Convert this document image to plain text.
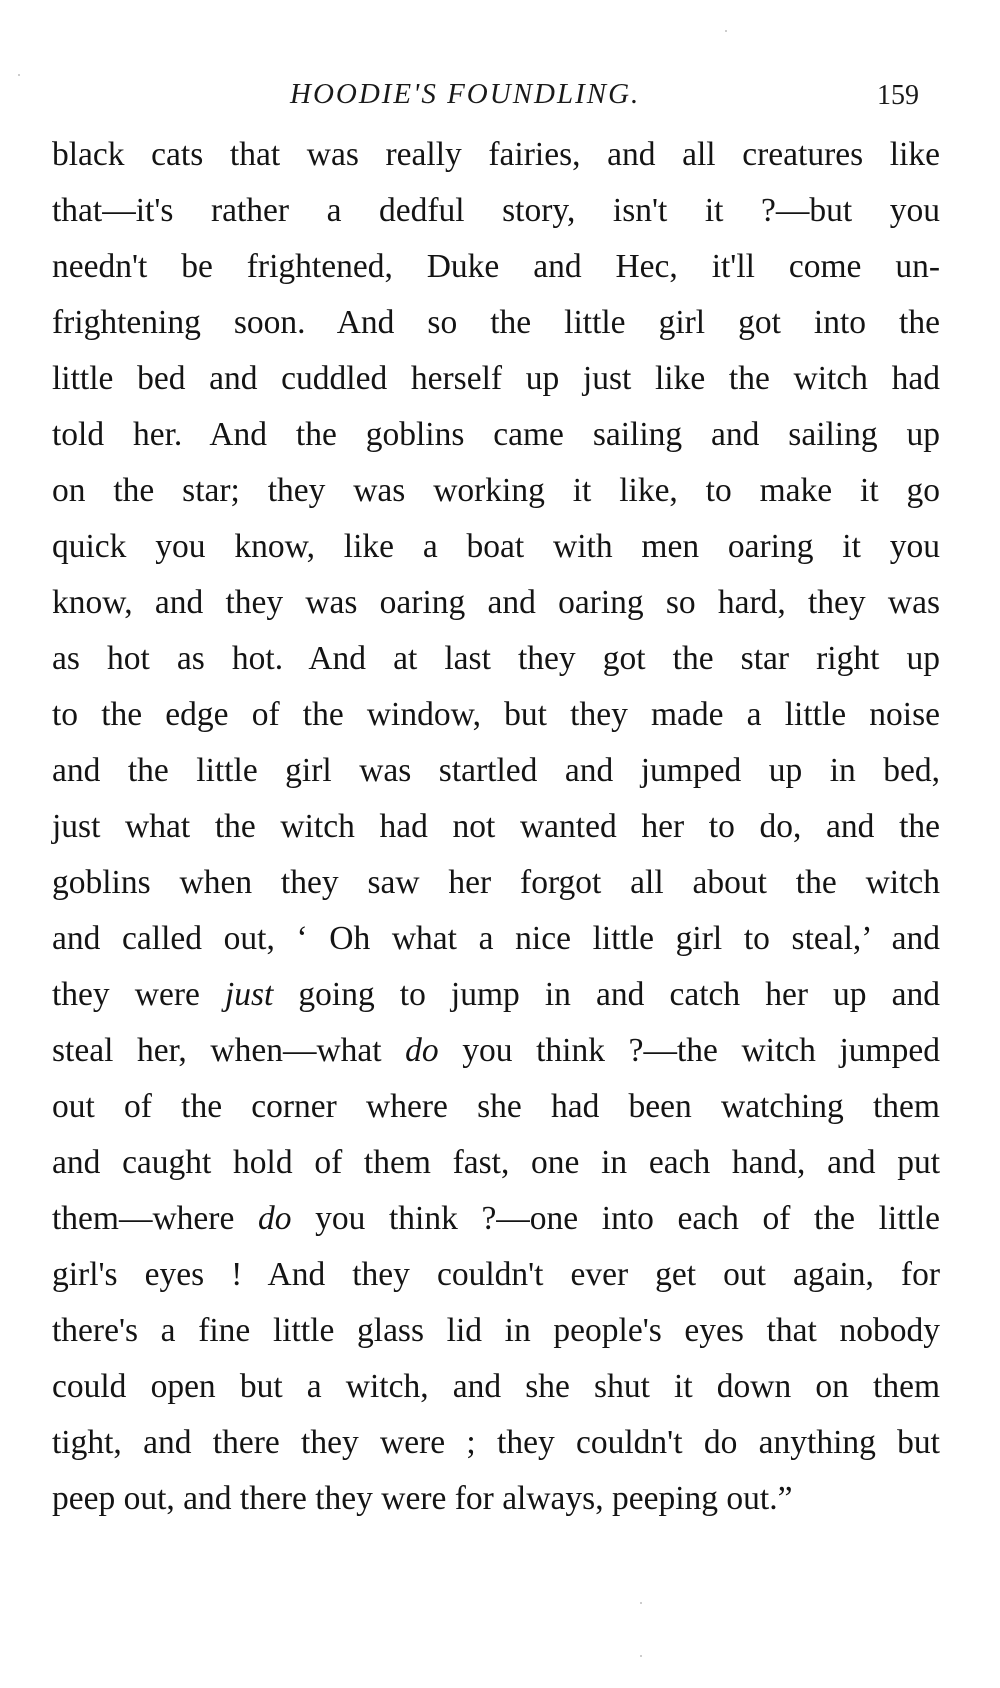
HOODIE'S FOUNDLING.	159
black cats that was really fairies, and all creatures like
that—it's rather a dedful story, isn't it ?—but you
needn't be frightened, Duke and Hec, it'll come un-
frightening soon. And so the little girl got into the
little bed and cuddled herself up just like the witch had
told her. And the goblins came sailing and sailing up
on the star; they was working it like, to make it go
quick you know, like a boat with men oaring it you
know, and they was oaring and oaring so hard, they was
as hot as hot. And at last they got the star right up
to the edge of the window, but they made a little noise
and the little girl was startled and jumped up in bed,
just what the witch had not wanted her to do, and the
goblins when they saw her forgot all about the witch
and called out, ‘ Oh what a nice little girl to steal,’ and
they were just going to jump in and catch her up and
steal her, when—what do you think ?—the witch jumped
out of the corner where she had been watching them
and caught hold of them fast, one in each hand, and put
them—where do you think ?—one into each of the little
girl's eyes ! And they couldn't ever get out again, for
there's a fine little glass lid in people's eyes that nobody
could open but a witch, and she shut it down on them
tight, and there they were ; they couldn't do anything but
peep out, and there they were for always, peeping out.”
